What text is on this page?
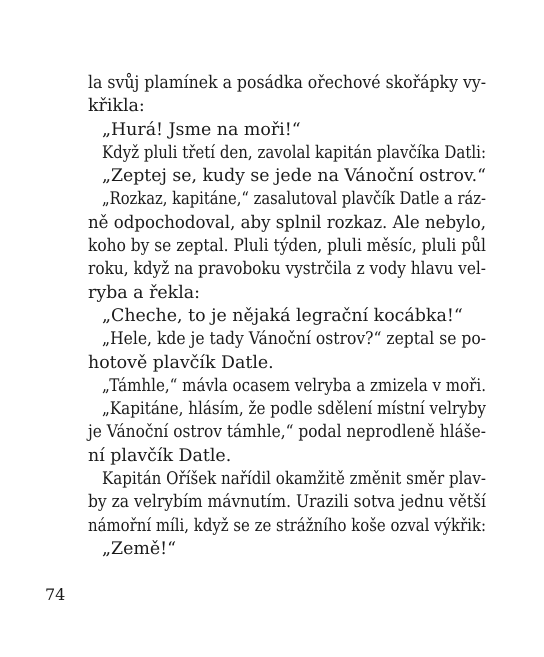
la svůj plamínek a posádka ořechové skořápky vy-
křikla:
„Hurá! Jsme na moři!“
Když pluli třetí den, zavolal kapitán plavčíka Datli:
„Zeptej se, kudy se jede na Vánoční ostrov.“
„Rozkaz, kapitáne,“ zasalutoval plavčík Datle a ráz-
ně odpochodoval, aby splnil rozkaz. Ale nebylo,
koho by se zeptal. Pluli týden, pluli měsíc, pluli půl
roku, když na pravoboku vystrčila z vody hlavu vel-
ryba a řekla:
„Cheche, to je nějaká legrační kocábka!“
„Hele, kde je tady Vánoční ostrov?“ zeptal se po-
hotově plavčík Datle.
„Támhle,“ mávla ocasem velryba a zmizela v moři.
„Kapitáne, hlásím, že podle sdělení místní velryby
je Vánoční ostrov támhle,“ podal neprodleně hláše-
ní plavčík Datle.
Kapitán Oříšek nařídil okamžitě změnit směr plav-
by za velrybím mávnutím. Urazili sotva jednu větší
námořní míli, když se ze strážního koše ozval výkřik:
„Země!“
74
